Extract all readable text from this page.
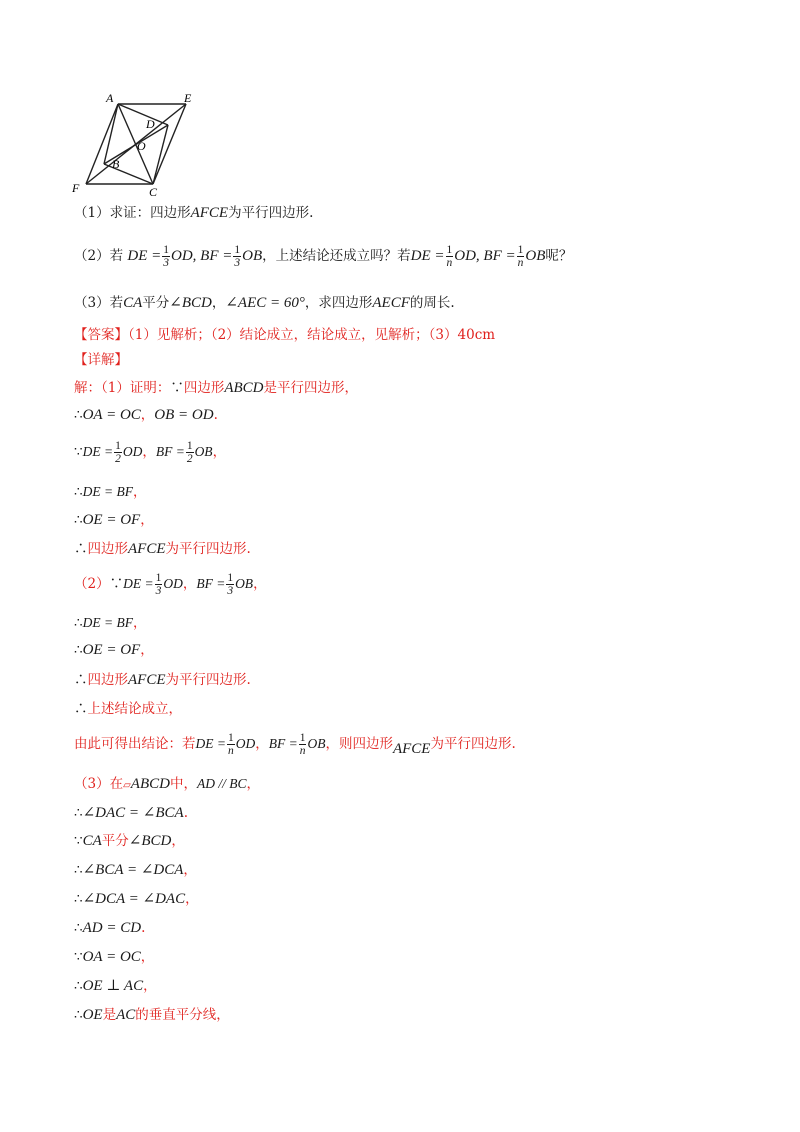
A	E
D
O
B
F	C
（1）求证：四边形AFCE为平行四边形.
（2）若 DE = $\frac{1}{3}$ OD, BF = $\frac{1}{3}$ OB，上述结论还成立吗？若DE = $\frac{1}{n}$ OD, BF = $\frac{1}{n}$ OB呢？
（3）若CA平分∠BCD，∠AEC = 60°，求四边形AECF的周长.
【答案】（1）见解析；（2）结论成立，结论成立，见解析；（3）40cm
【详解】
解：（1）证明：∵四边形ABCD是平行四边形，
∴OA = OC，OB = OD.
∵DE = $\frac{1}{2}$ OD，BF = $\frac{1}{2}$ OB，
∴DE = BF，
∴OE = OF，
∴四边形AFCE为平行四边形.
（2）∵DE = $\frac{1}{3}$ OD，BF = $\frac{1}{3}$ OB，
∴DE = BF，
∴OE = OF，
∴四边形AFCE为平行四边形.
∴上述结论成立，
由此可得出结论：若DE = $\frac{1}{n}$ OD，BF = $\frac{1}{n}$ OB，则四边形AFCE为平行四边形.
（3）在▱ABCD中，AD // BC，
∴∠DAC = ∠BCA.
∵CA平分∠BCD，
∴∠BCA = ∠DCA，
∴∠DCA = ∠DAC，
∴AD = CD.
∵OA = OC，
∴OE ⊥ AC，
∴OE是AC的垂直平分线，
